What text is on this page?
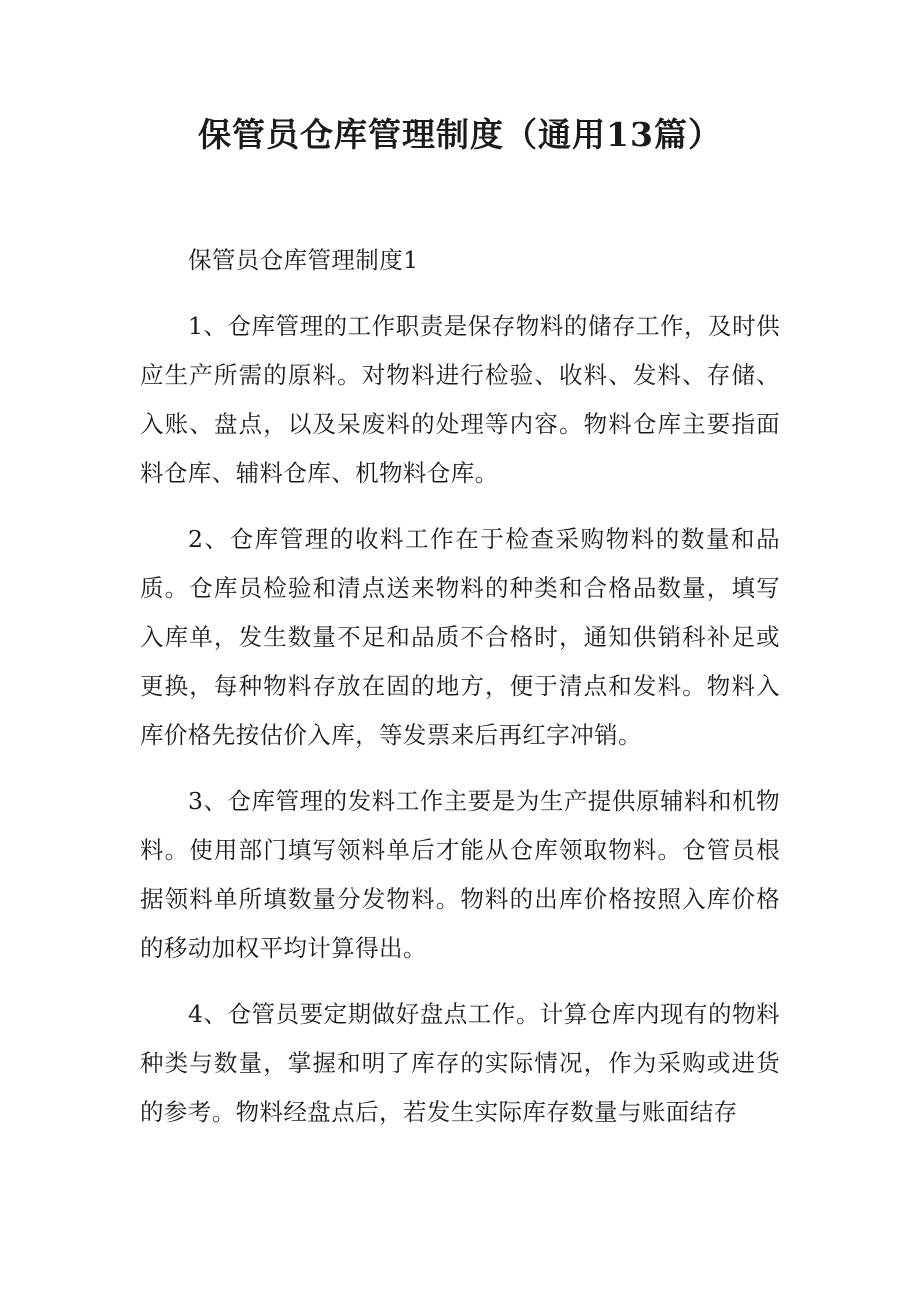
保管员仓库管理制度（通用13篇）

保管员仓库管理制度1

1、仓库管理的工作职责是保存物料的储存工作，及时供应生产所需的原料。对物料进行检验、收料、发料、存储、入账、盘点，以及呆废料的处理等内容。物料仓库主要指面料仓库、辅料仓库、机物料仓库。

2、仓库管理的收料工作在于检查采购物料的数量和品质。仓库员检验和清点送来物料的种类和合格品数量，填写入库单，发生数量不足和品质不合格时，通知供销科补足或更换，每种物料存放在固的地方，便于清点和发料。物料入库价格先按估价入库，等发票来后再红字冲销。

3、仓库管理的发料工作主要是为生产提供原辅料和机物料。使用部门填写领料单后才能从仓库领取物料。仓管员根据领料单所填数量分发物料。物料的出库价格按照入库价格的移动加权平均计算得出。

4、仓管员要定期做好盘点工作。计算仓库内现有的物料种类与数量，掌握和明了库存的实际情况，作为采购或进货的参考。物料经盘点后，若发生实际库存数量与账面结存
